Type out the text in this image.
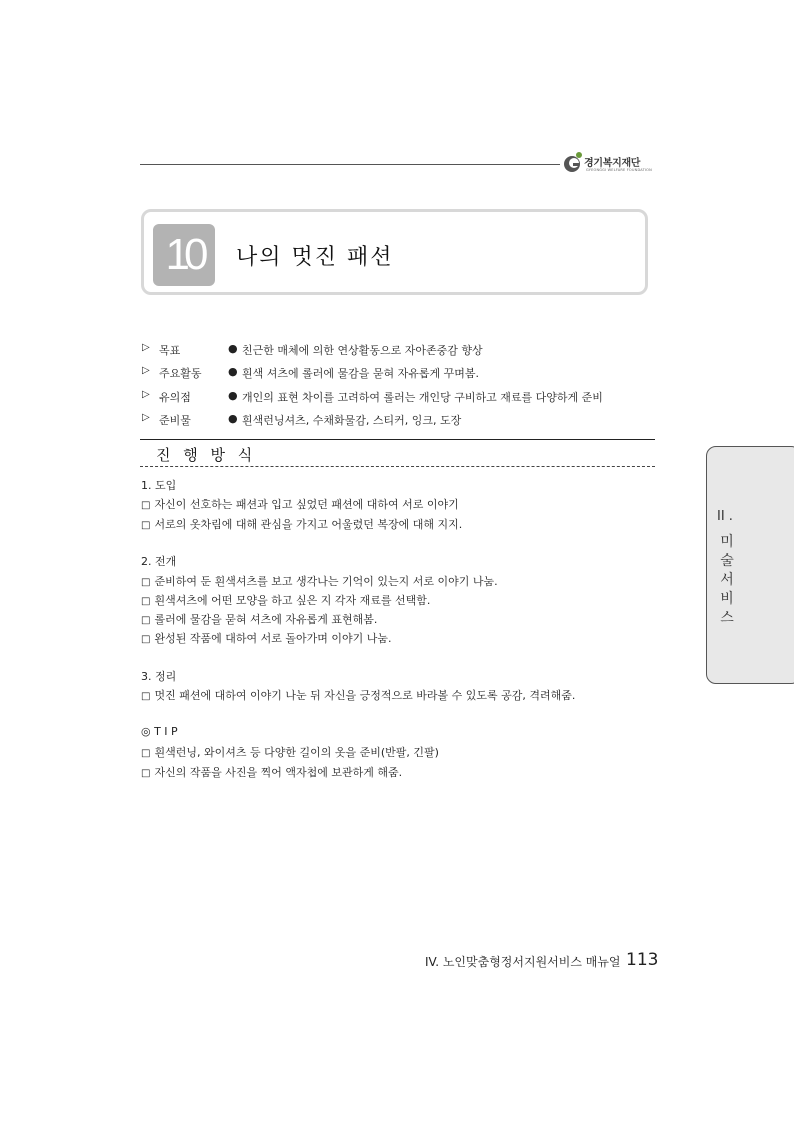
경기복지재단
GYEONGGI WELFARE FOUNDATION
10	나의 멋진 패션
▷ 목표	● 친근한 매체에 의한 연상활동으로 자아존중감 향상
▷ 주요활동 ● 흰색 셔츠에 롤러에 물감을 묻혀 자유롭게 꾸며봄.
▷ 유의점	● 개인의 표현 차이를 고려하여 롤러는 개인당 구비하고 재료를 다양하게 준비
▷ 준비물	● 흰색런닝셔츠, 수채화물감, 스티커, 잉크, 도장
진 행 방 식
1. 도입
□ 자신이 선호하는 패션과 입고 싶었던 패션에 대하여 서로 이야기
□ 서로의 옷차림에 대해 관심을 가지고 어울렸던 복장에 대해 지지.
2. 전개
□ 준비하여 둔 흰색셔츠를 보고 생각나는 기억이 있는지 서로 이야기 나눔.
□ 흰색셔츠에 어떤 모양을 하고 싶은 지 각자 재료를 선택함.
□ 롤러에 물감을 묻혀 셔츠에 자유롭게 표현해봄.
□ 완성된 작품에 대하여 서로 돌아가며 이야기 나눔.
3. 정리
□ 멋진 패션에 대하여 이야기 나눈 뒤 자신을 긍정적으로 바라볼 수 있도록 공감, 격려해줌.
◎ T I P
□ 흰색런닝, 와이셔츠 등 다양한 길이의 옷을 준비(반팔, 긴팔)
□ 자신의 작품을 사진을 찍어 액자첩에 보관하게 해줌.
II .
미
술
서
비
스
IV. 노인맞춤형정서지원서비스 매뉴얼 113
